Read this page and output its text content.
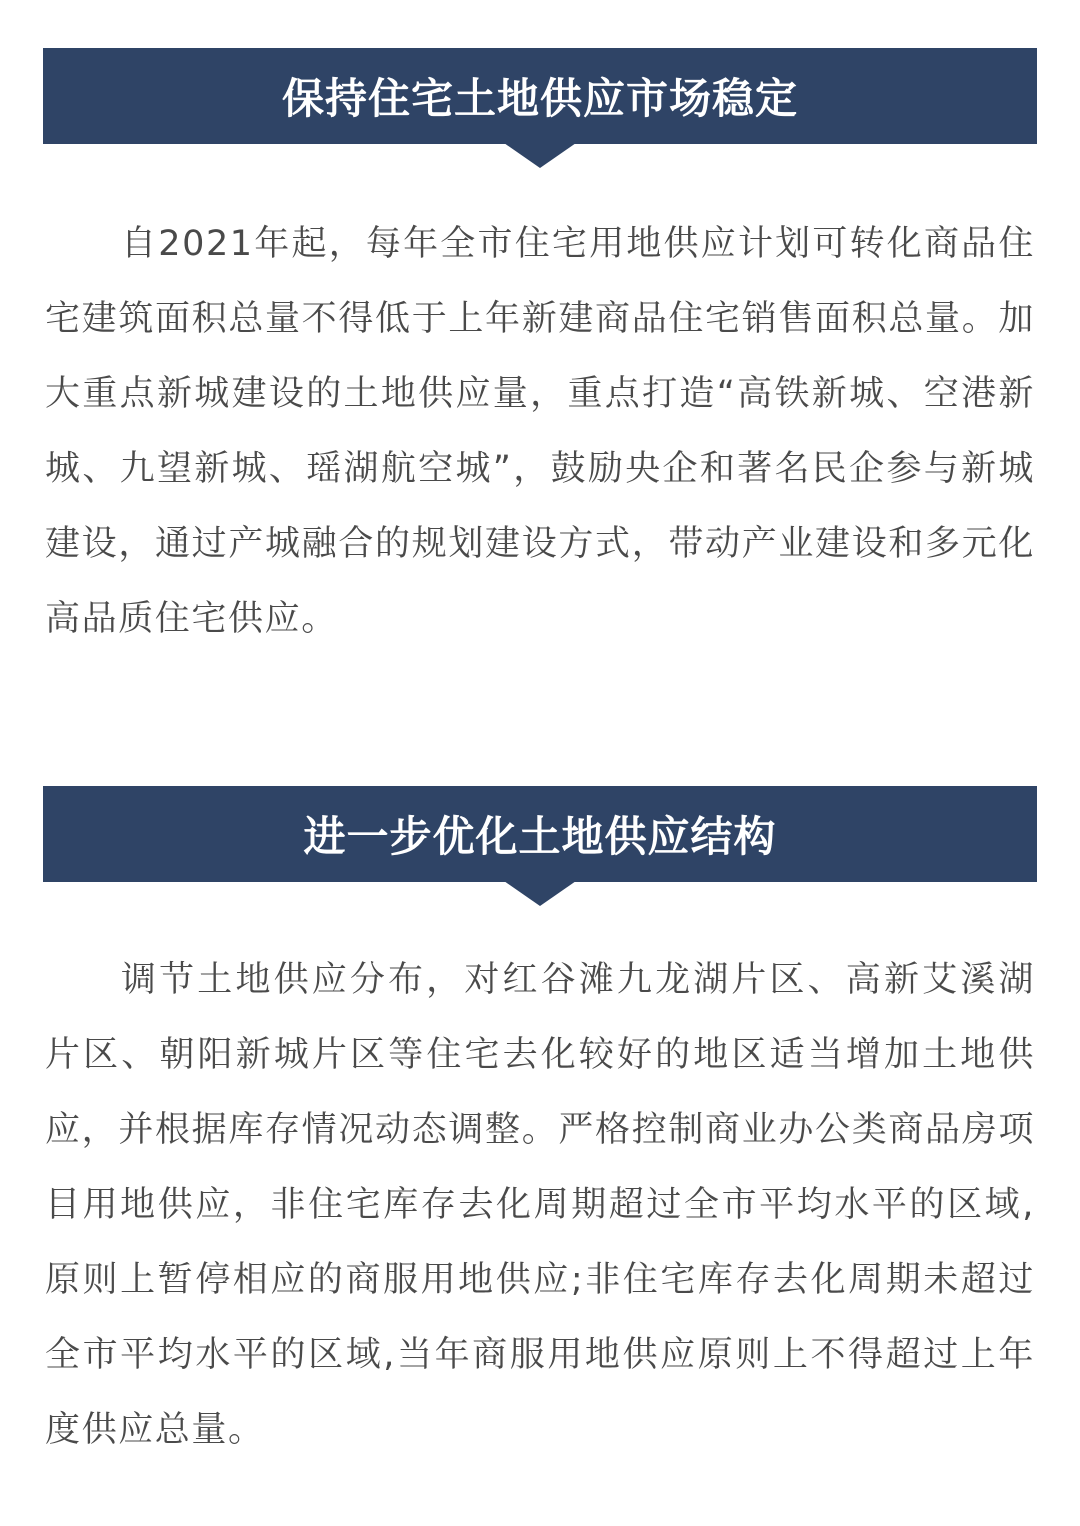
保持住宅土地供应市场稳定

自2021年起，每年全市住宅用地供应计划可转化商品住宅建筑面积总量不得低于上年新建商品住宅销售面积总量。加大重点新城建设的土地供应量，重点打造“高铁新城、空港新城、九望新城、瑶湖航空城”，鼓励央企和著名民企参与新城建设，通过产城融合的规划建设方式，带动产业建设和多元化高品质住宅供应。

进一步优化土地供应结构

调节土地供应分布，对红谷滩九龙湖片区、高新艾溪湖片区、朝阳新城片区等住宅去化较好的地区适当增加土地供应，并根据库存情况动态调整。严格控制商业办公类商品房项目用地供应，非住宅库存去化周期超过全市平均水平的区域,原则上暂停相应的商服用地供应;非住宅库存去化周期未超过全市平均水平的区域,当年商服用地供应原则上不得超过上年度供应总量。
